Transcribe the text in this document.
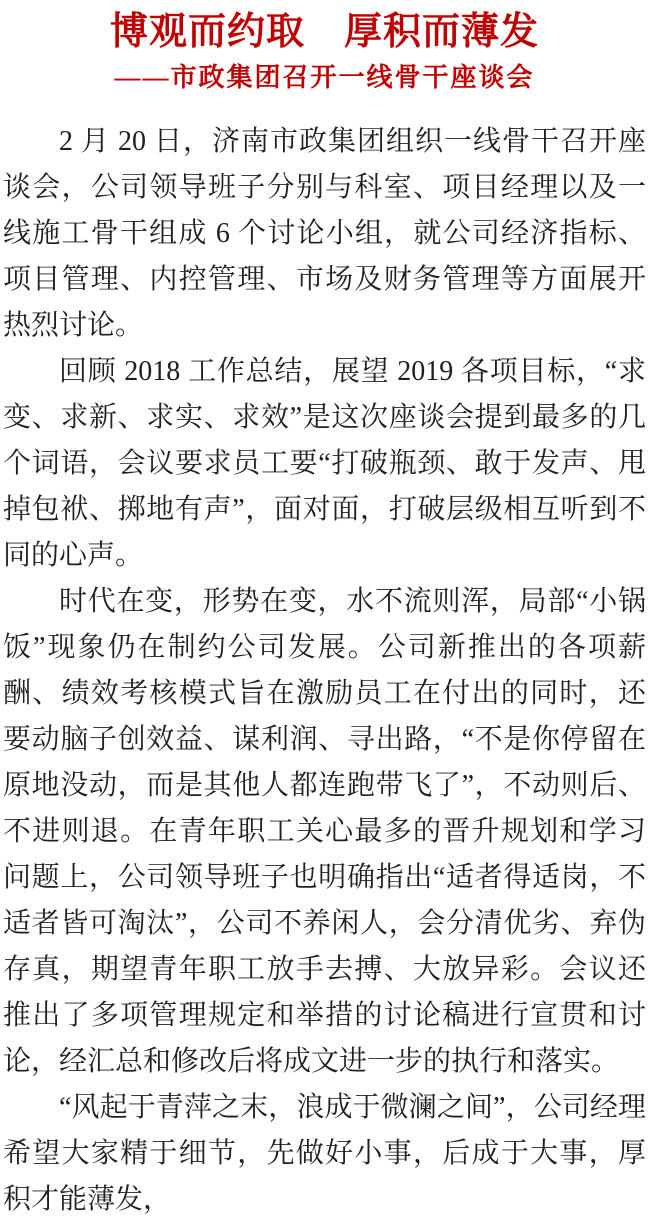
博观而约取　厚积而薄发
——市政集团召开一线骨干座谈会

2 月 20 日，济南市政集团组织一线骨干召开座谈会，公司领导班子分别与科室、项目经理以及一线施工骨干组成 6 个讨论小组，就公司经济指标、项目管理、内控管理、市场及财务管理等方面展开热烈讨论。

回顾 2018 工作总结，展望 2019 各项目标，“求变、求新、求实、求效”是这次座谈会提到最多的几个词语，会议要求员工要“打破瓶颈、敢于发声、甩掉包袱、掷地有声”，面对面，打破层级相互听到不同的心声。

时代在变，形势在变，水不流则浑，局部“小锅饭”现象仍在制约公司发展。公司新推出的各项薪酬、绩效考核模式旨在激励员工在付出的同时，还要动脑子创效益、谋利润、寻出路，“不是你停留在原地没动，而是其他人都连跑带飞了”，不动则后、不进则退。在青年职工关心最多的晋升规划和学习问题上，公司领导班子也明确指出“适者得适岗，不适者皆可淘汰”，公司不养闲人，会分清优劣、弃伪存真，期望青年职工放手去搏、大放异彩。会议还推出了多项管理规定和举措的讨论稿进行宣贯和讨论，经汇总和修改后将成文进一步的执行和落实。

“风起于青萍之末，浪成于微澜之间”，公司经理希望大家精于细节，先做好小事，后成于大事，厚积才能薄发，
